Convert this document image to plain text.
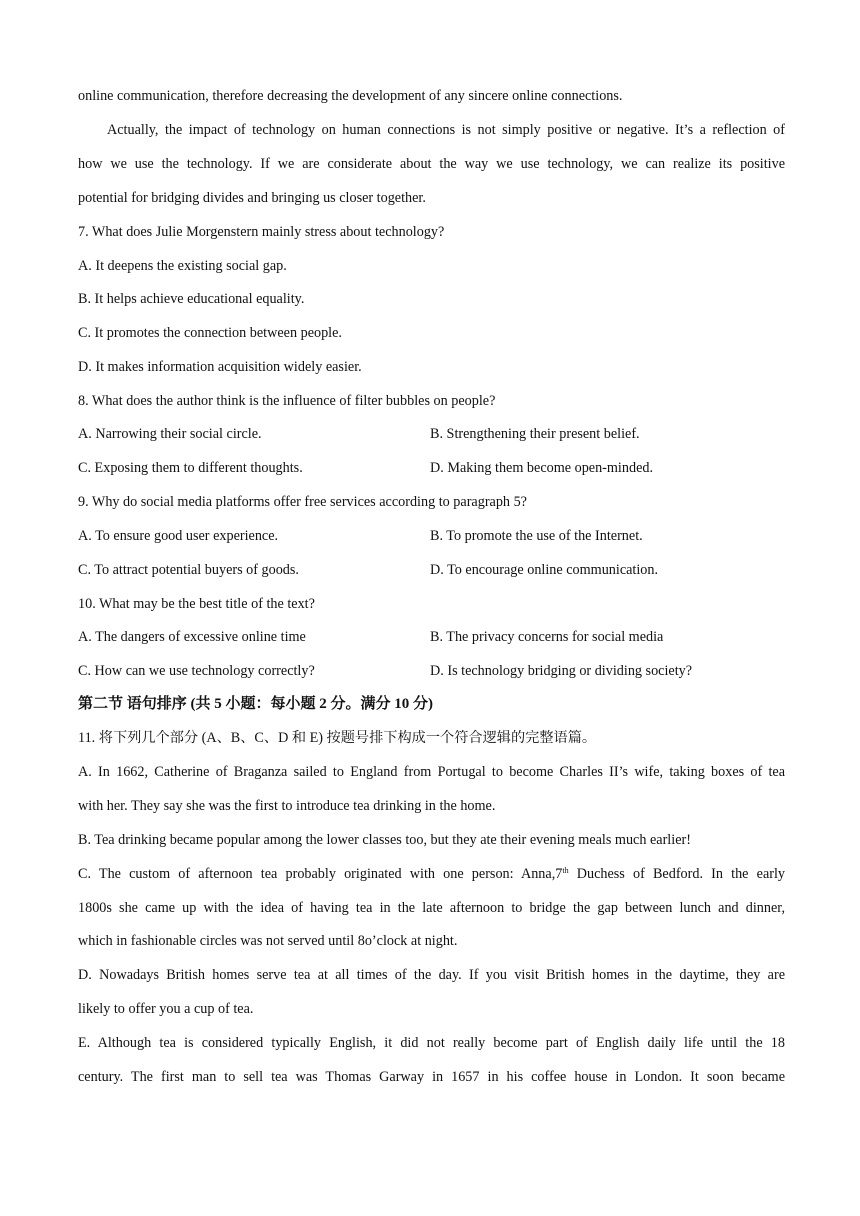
online communication, therefore decreasing the development of any sincere online connections.
Actually, the impact of technology on human connections is not simply positive or negative. It’s a reflection of
how we use the technology. If we are considerate about the way we use technology, we can realize its positive
potential for bridging divides and bringing us closer together.
7. What does Julie Morgenstern mainly stress about technology?
A. It deepens the existing social gap.
B. It helps achieve educational equality.
C. It promotes the connection between people.
D. It makes information acquisition widely easier.
8. What does the author think is the influence of filter bubbles on people?
A. Narrowing their social circle.	B. Strengthening their present belief.
C. Exposing them to different thoughts.	D. Making them become open-minded.
9. Why do social media platforms offer free services according to paragraph 5?
A. To ensure good user experience.	B. To promote the use of the Internet.
C. To attract potential buyers of goods.	D. To encourage online communication.
10. What may be the best title of the text?
A. The dangers of excessive online time	B. The privacy concerns for social media
C. How can we use technology correctly?	D. Is technology bridging or dividing society?
第二节 语句排序 (共 5 小题：每小题 2 分。满分 10 分)
11. 将下列几个部分 (A、B、C、D 和 E) 按题号排下构成一个符合逻辑的完整语篇。
A. In 1662, Catherine of Braganza sailed to England from Portugal to become Charles II’s wife, taking boxes of tea
with her. They say she was the first to introduce tea drinking in the home.
B. Tea drinking became popular among the lower classes too, but they ate their evening meals much earlier!
C. The custom of afternoon tea probably originated with one person: Anna,7th Duchess of Bedford. In the early
1800s she came up with the idea of having tea in the late afternoon to bridge the gap between lunch and dinner,
which in fashionable circles was not served until 8o’clock at night.
D. Nowadays British homes serve tea at all times of the day. If you visit British homes in the daytime, they are
likely to offer you a cup of tea.
E. Although tea is considered typically English, it did not really become part of English daily life until the 18
century. The first man to sell tea was Thomas Garway in 1657 in his coffee house in London. It soon became
